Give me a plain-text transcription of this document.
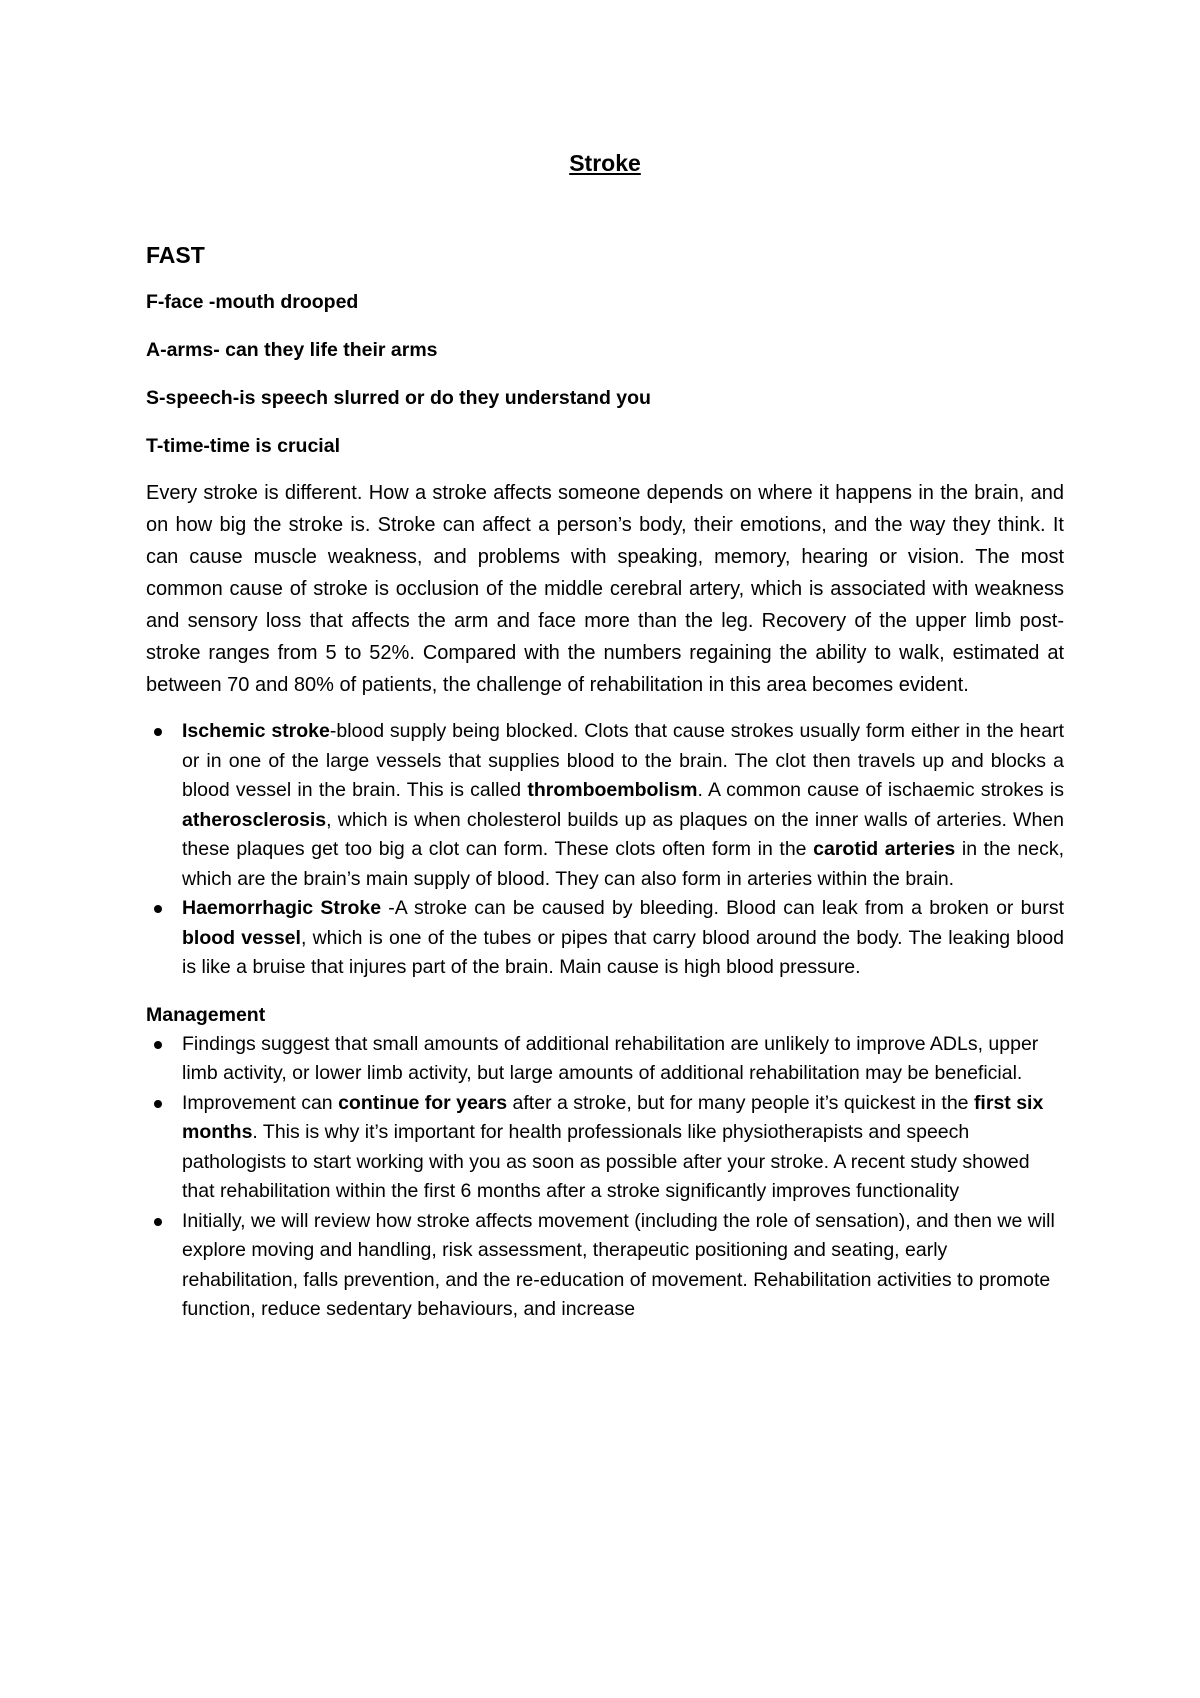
Stroke
FAST
F-face -mouth drooped
A-arms- can they life their arms
S-speech-is speech slurred or do they understand you
T-time-time is crucial

Every stroke is different. How a stroke affects someone depends on where it happens in the brain, and on how big the stroke is. Stroke can affect a person’s body, their emotions, and the way they think. It can cause muscle weakness, and problems with speaking, memory, hearing or vision. The most common cause of stroke is occlusion of the middle cerebral artery, which is associated with weakness and sensory loss that affects the arm and face more than the leg. Recovery of the upper limb post-stroke ranges from 5 to 52%. Compared with the numbers regaining the ability to walk, estimated at between 70 and 80% of patients, the challenge of rehabilitation in this area becomes evident.

Ischemic stroke-blood supply being blocked. Clots that cause strokes usually form either in the heart or in one of the large vessels that supplies blood to the brain. The clot then travels up and blocks a blood vessel in the brain. This is called thromboembolism. A common cause of ischaemic strokes is atherosclerosis, which is when cholesterol builds up as plaques on the inner walls of arteries. When these plaques get too big a clot can form. These clots often form in the carotid arteries in the neck, which are the brain’s main supply of blood. They can also form in arteries within the brain.
Haemorrhagic Stroke -A stroke can be caused by bleeding. Blood can leak from a broken or burst blood vessel, which is one of the tubes or pipes that carry blood around the body. The leaking blood is like a bruise that injures part of the brain. Main cause is high blood pressure.
Management
Findings suggest that small amounts of additional rehabilitation are unlikely to improve ADLs, upper limb activity, or lower limb activity, but large amounts of additional rehabilitation may be beneficial.
Improvement can continue for years after a stroke, but for many people it’s quickest in the first six months. This is why it’s important for health professionals like physiotherapists and speech pathologists to start working with you as soon as possible after your stroke. A recent study showed that rehabilitation within the first 6 months after a stroke significantly improves functionality
Initially, we will review how stroke affects movement (including the role of sensation), and then we will explore moving and handling, risk assessment, therapeutic positioning and seating, early rehabilitation, falls prevention, and the re-education of movement. Rehabilitation activities to promote function, reduce sedentary behaviours, and increase
